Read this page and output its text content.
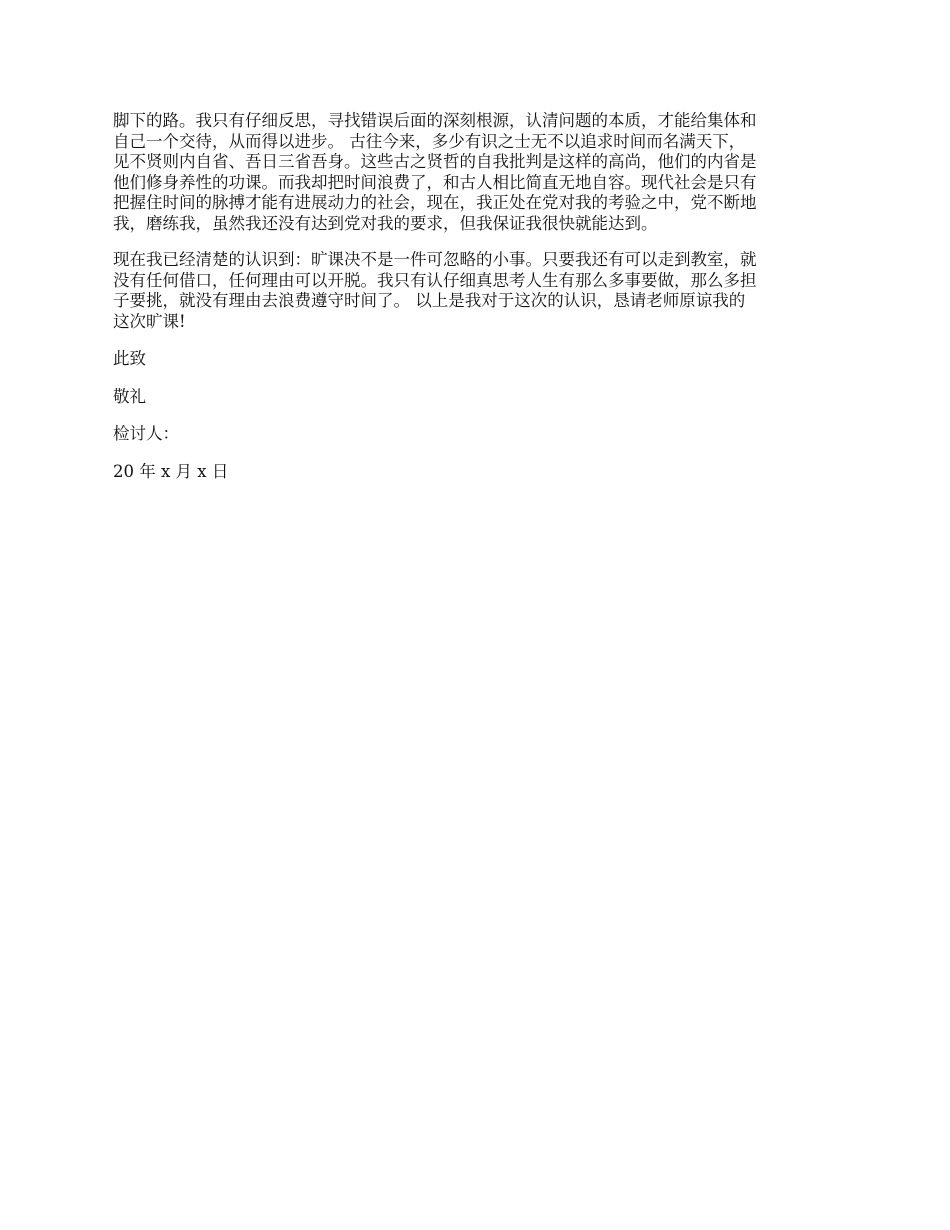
脚下的路。我只有仔细反思，寻找错误后面的深刻根源，认清问题的本质，才能给集体和
自己一个交待，从而得以进步。 古往今来，多少有识之士无不以追求时间而名满天下，
见不贤则内自省、吾日三省吾身。这些古之贤哲的自我批判是这样的高尚，他们的内省是
他们修身养性的功课。而我却把时间浪费了，和古人相比简直无地自容。现代社会是只有
把握住时间的脉搏才能有进展动力的社会，现在，我正处在党对我的考验之中，党不断地
我，磨练我，虽然我还没有达到党对我的要求，但我保证我很快就能达到。

现在我已经清楚的认识到：旷课决不是一件可忽略的小事。只要我还有可以走到教室，就
没有任何借口，任何理由可以开脱。我只有认仔细真思考人生有那么多事要做，那么多担
子要挑，就没有理由去浪费遵守时间了。 以上是我对于这次的认识，恳请老师原谅我的
这次旷课!

此致

敬礼

检讨人：

20 年 x 月 x 日
